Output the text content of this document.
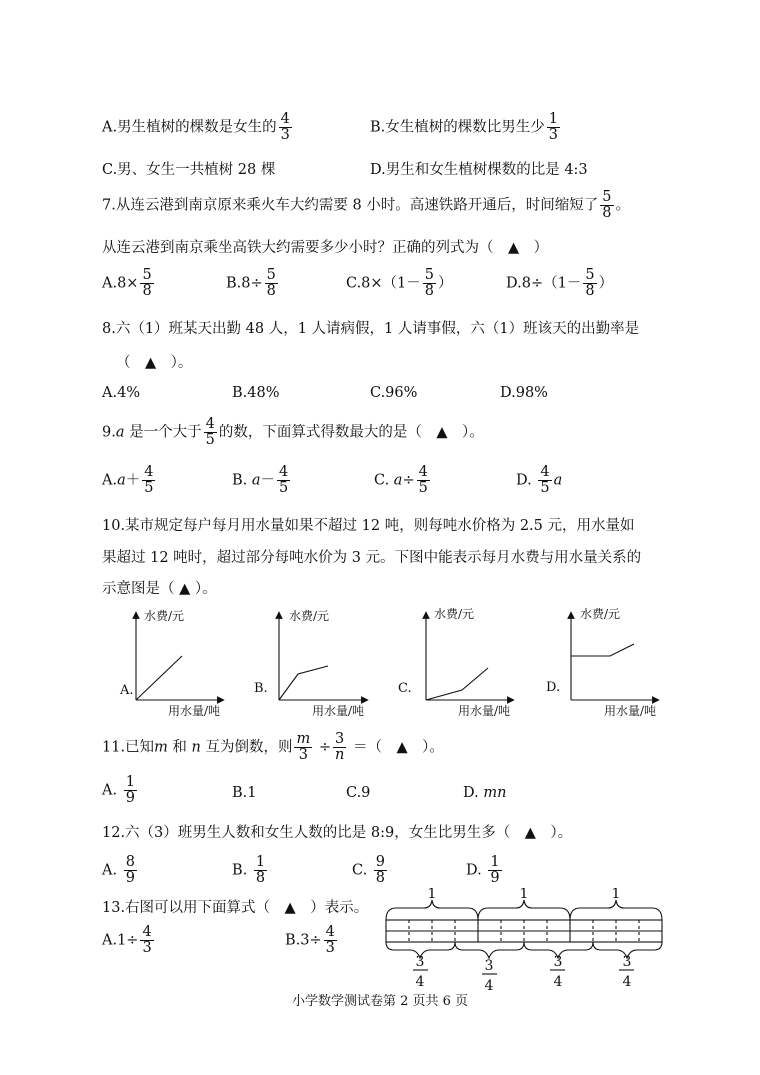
A.男生植树的棵数是女生的 $\frac{4}{3}$	B.女生植树的棵数比男生少 $\frac{1}{3}$
C.男、女生一共植树 28 棵	D.男生和女生植树棵数的比是 4:3
7.从连云港到南京原来乘火车大约需要 8 小时。高速铁路开通后，时间缩短了 $\frac{5}{8}$ 。
从连云港到南京乘坐高铁大约需要多少小时？正确的列式为（　▲　）
$A.8\times \frac{5}{8}$	$B.8\div \frac{5}{8}$	$C.8\times(1- \frac{5}{8}$ ）	$D.8\div(1- \frac{5}{8}$ ）
8.六（1）班某天出勤 48 人，1 人请病假，1 人请事假，六（1）班该天的出勤率是
（　▲　）。
A.4%	B.48%	C.96%	D.98%
9.a 是一个大于 $\frac{4}{5}$ 的数，下面算式得数最大的是（　▲　）。
$A.a+ \frac{4}{5}$	B. $a- \frac{4}{5}$	C. $a\div \frac{4}{5}$	D. $\frac{4}{5}$ a
10.某市规定每户每月用水量如果不超过 12 吨，则每吨水价格为 2.5 元，用水量如
果超过 12 吨时，超过部分每吨水价为 3 元。下图中能表示每月水费与用水量关系的
示意图是（ ▲ ）。
水费/元
用水量/吨
A.
水费/元
用水量/吨
B.
水费/元
用水量/吨
C.
水费/元
用水量/吨
D.
11.已知m 和 n 互为倒数，则 $\frac{m}{3} \div \frac{3}{n}$ ＝（　▲　）。
A. $\frac{1}{9}$	B.1	C.9	D. mn
12.六（3）班男生人数和女生人数的比是 8:9，女生比男生多（　▲　）。
A. $\frac{8}{9}$	B. $\frac{1}{8}$	C. $\frac{9}{8}$	D. $\frac{1}{9}$
13.右图可以用下面算式（　▲　）表示。
$A.1\div \frac{4}{3}$	$B.3\div \frac{4}{3}$
1	1	1
3
4
3
4
3
4
3
4
小学数学测试卷第 2 页共 6 页
